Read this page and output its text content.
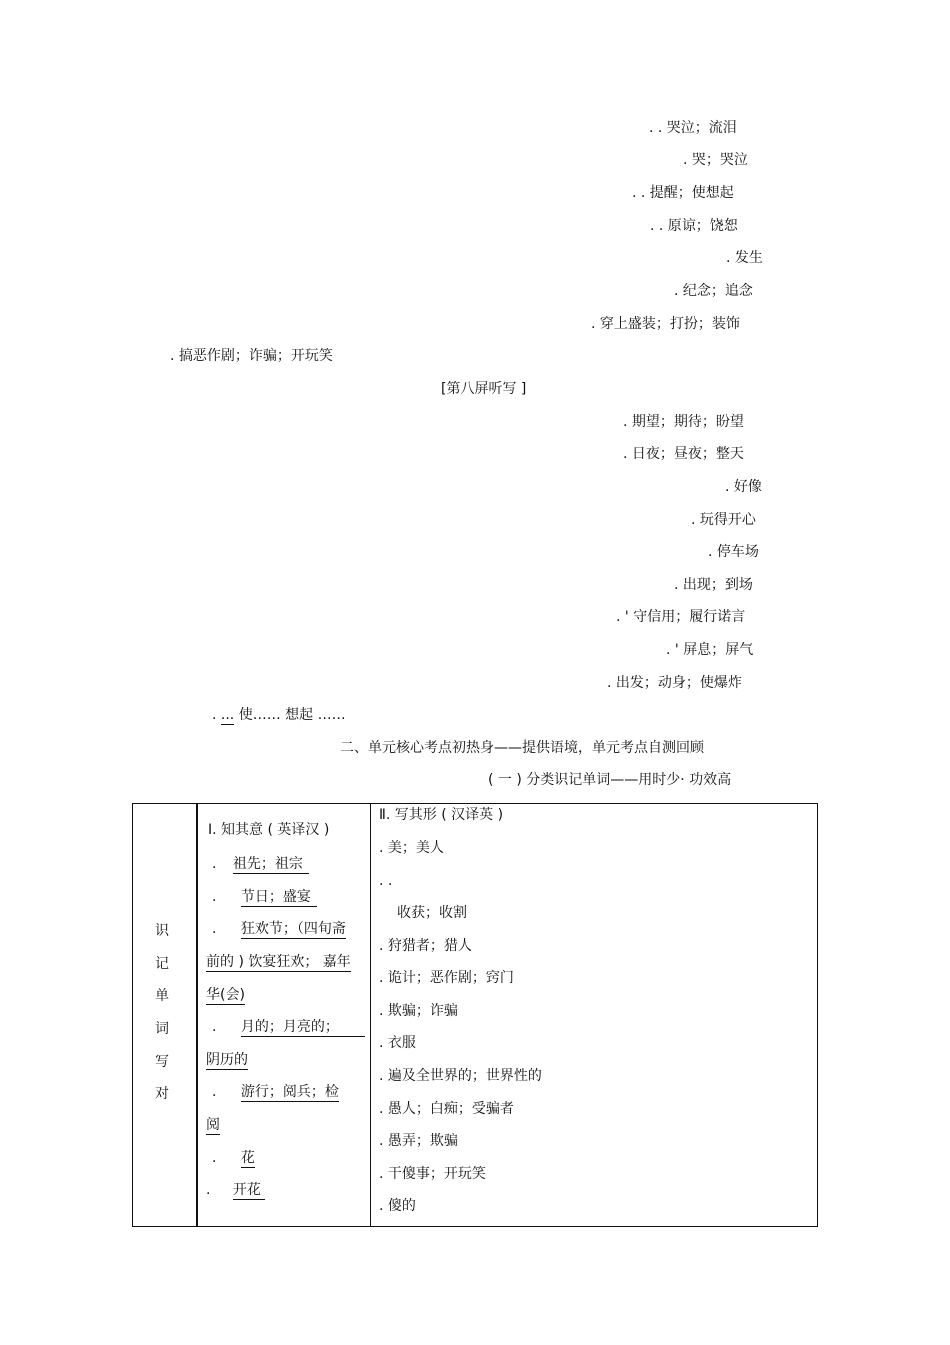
. . 哭泣；流泪
. 哭；哭泣
. . 提醒；使想起
. . 原谅；饶恕
. 发生
. 纪念；追念
. 穿上盛装；打扮；装饰
. 搞恶作剧；诈骗；开玩笑
[第八屏听写 ]
. 期望；期待；盼望
. 日夜；昼夜；整天
. 好像
. 玩得开心
. 停车场
. 出现；到场
. ' 守信用；履行诺言
. ' 屏息；屏气
. 出发；动身；使爆炸
. ... 使…… 想起 ……
二、单元核心考点初热身——提供语境，单元考点自测回顾
( 一 ) 分类识记单词——用时少· 功效高
识
记
单
词
写
对
Ⅰ. 知其意 ( 英译汉 )
. 祖先；祖宗
. 节日；盛宴
. 狂欢节；（四旬斋
前的 ) 饮宴狂欢； 嘉年
华(会)
. 月的；月亮的；
阴历的
. 游行；阅兵；检
阅
. 花
. 开花
Ⅱ. 写其形 ( 汉译英 )
. 美；美人
. .
收获；收割
. 狩猎者；猎人
. 诡计；恶作剧；窍门
. 欺骗；诈骗
. 衣服
. 遍及全世界的；世界性的
. 愚人；白痴；受骗者
. 愚弄；欺骗
. 干傻事；开玩笑
. 傻的
